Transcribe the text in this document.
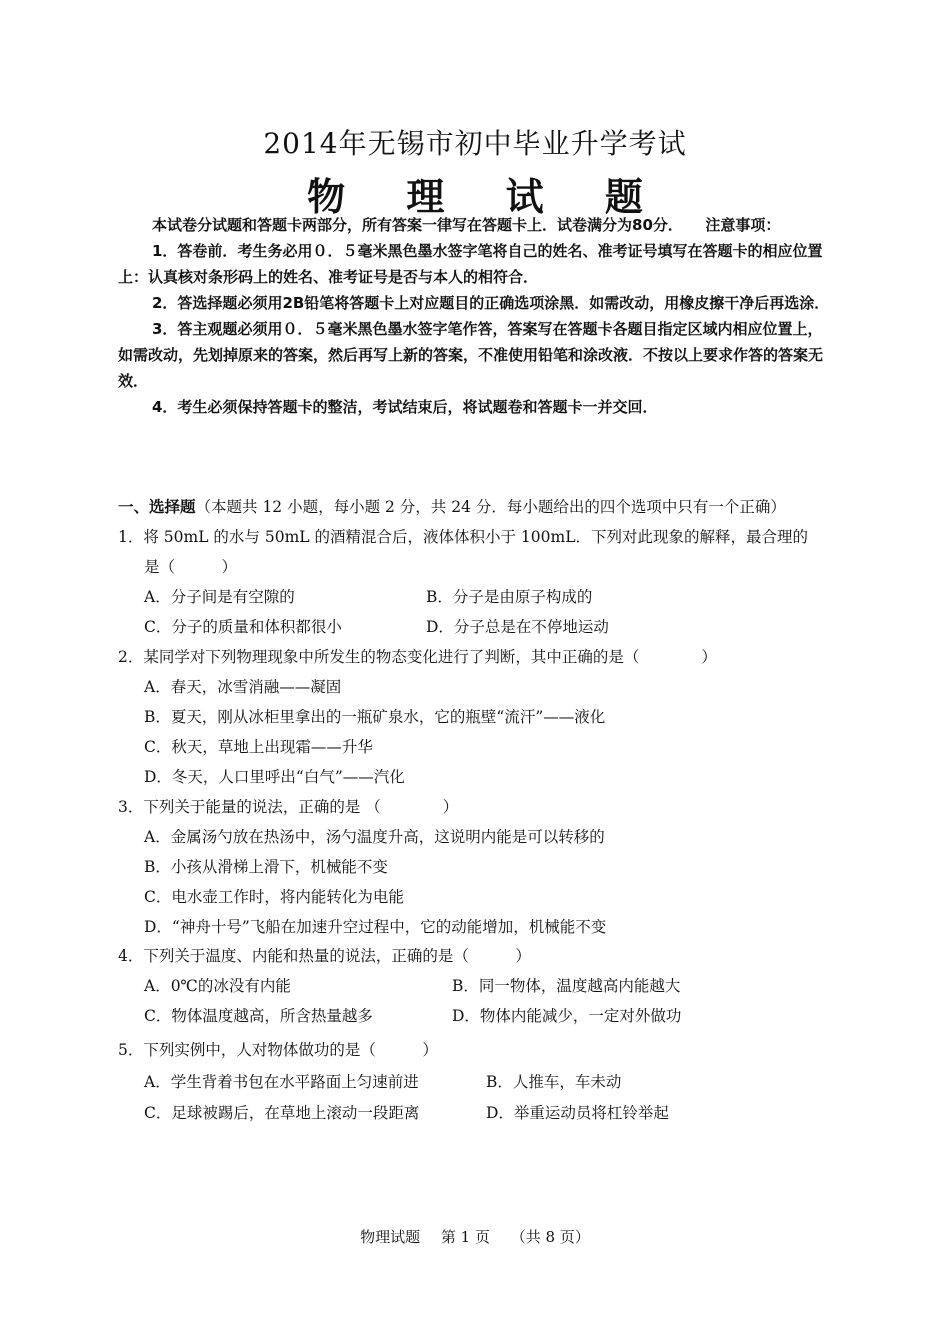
2014年无锡市初中毕业升学考试
物 理 试 题

本试卷分试题和答题卡两部分，所有答案一律写在答题卡上．试卷满分为80分．　　注意事项：

1．答卷前．考生务必用０．５毫米黑色墨水签字笔将自己的姓名、准考证号填写在答题卡的相应位置上：认真核对条形码上的姓名、准考证号是否与本人的相符合．

2．答选择题必须用2B铅笔将答题卡上对应题目的正确选项涂黑．如需改动，用橡皮擦干净后再选涂．

3．答主观题必须用０．５毫米黑色墨水签字笔作答，答案写在答题卡各题目指定区域内相应位置上，如需改动，先划掉原来的答案，然后再写上新的答案，不准使用铅笔和涂改液．不按以上要求作答的答案无效．

4．考生必须保持答题卡的整洁，考试结束后，将试题卷和答题卡一并交回．

一、选择题（本题共 12 小题，每小题 2 分，共 24 分．每小题给出的四个选项中只有一个正确）
1．将 50mL 的水与 50mL 的酒精混合后，液体体积小于 100mL．下列对此现象的解释，最合理的
是（　　　）
A．分子间是有空隙的	B．分子是由原子构成的
C．分子的质量和体积都很小	D．分子总是在不停地运动
2．某同学对下列物理现象中所发生的物态变化进行了判断，其中正确的是（　　　　）
A．春天，冰雪消融——凝固
B．夏天，刚从冰柜里拿出的一瓶矿泉水，它的瓶壁“流汗”——液化
C．秋天，草地上出现霜——升华
D．冬天，人口里呼出“白气”——汽化
3．下列关于能量的说法，正确的是 （　　　　）
A．金属汤勺放在热汤中，汤勺温度升高，这说明内能是可以转移的
B．小孩从滑梯上滑下，机械能不变
C．电水壶工作时，将内能转化为电能
D．“神舟十号”飞船在加速升空过程中，它的动能增加，机械能不变
4．下列关于温度、内能和热量的说法，正确的是（　　　）
A．0℃的冰没有内能	B．同一物体，温度越高内能越大
C．物体温度越高，所含热量越多	D．物体内能减少，一定对外做功
5．下列实例中，人对物体做功的是（　　　）
A．学生背着书包在水平路面上匀速前进	B．人推车，车未动
C．足球被踢后，在草地上滚动一段距离	D．举重运动员将杠铃举起
物理试题 第 1 页 （共 8 页）
